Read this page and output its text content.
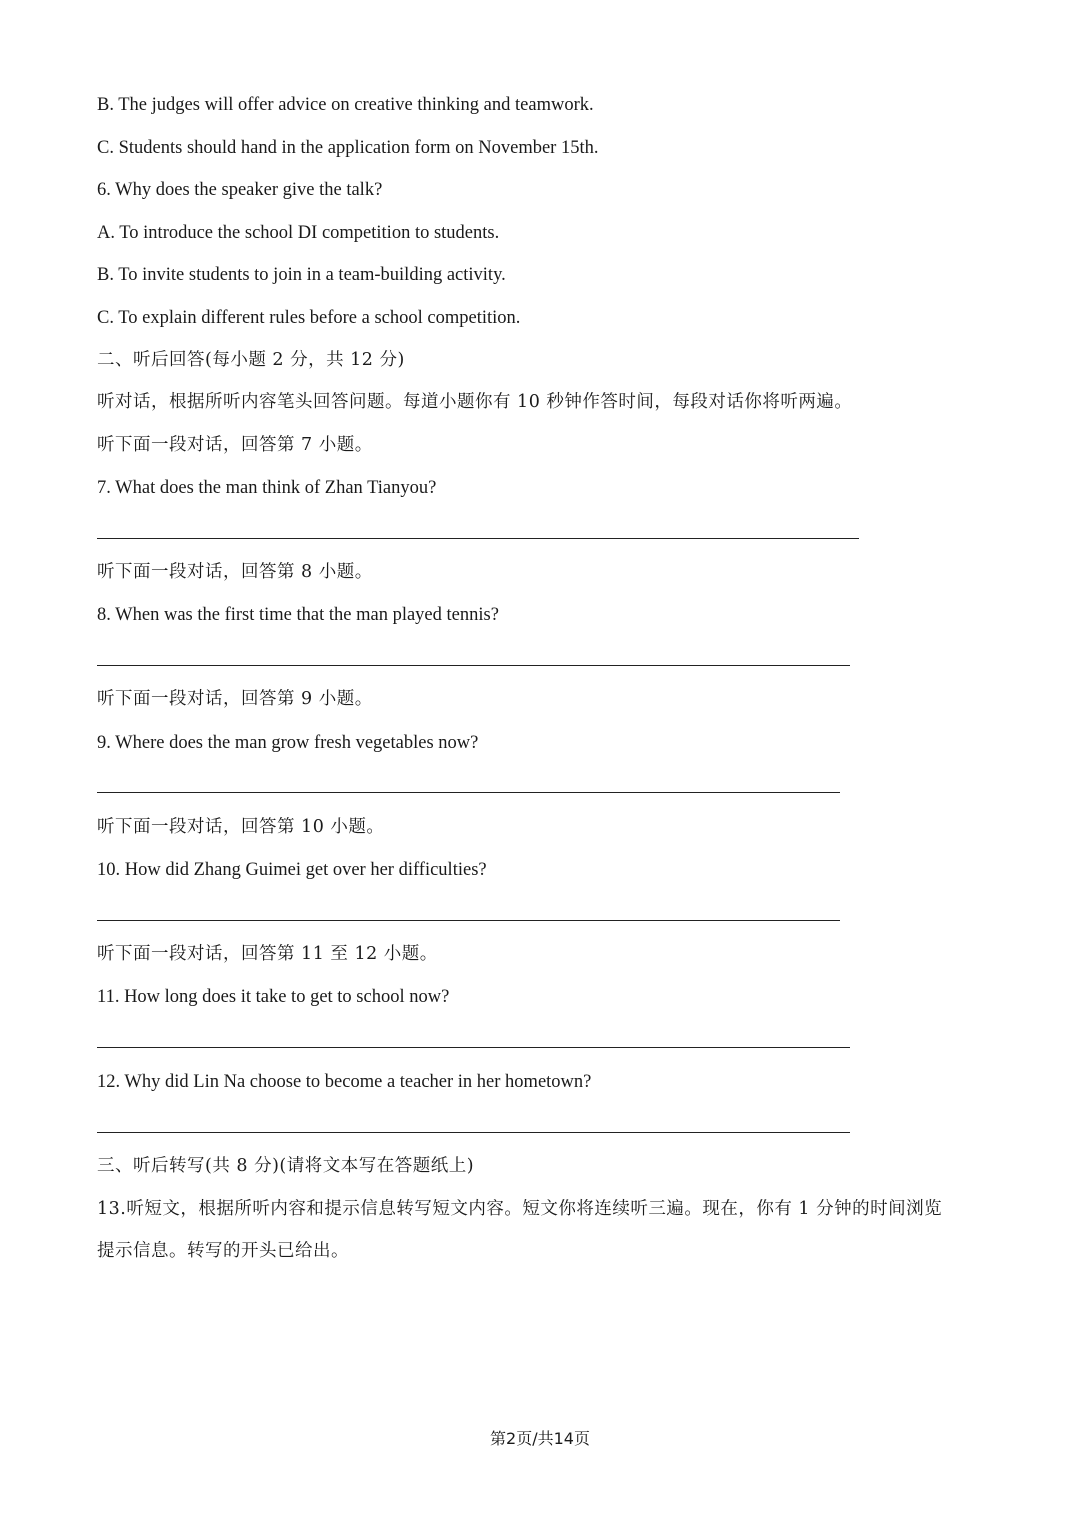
B. The judges will offer advice on creative thinking and teamwork.
C. Students should hand in the application form on November 15th.
6. Why does the speaker give the talk?
A. To introduce the school DI competition to students.
B. To invite students to join in a team-building activity.
C. To explain different rules before a school competition.
二、听后回答(每小题 2 分，共 12 分)
听对话，根据所听内容笔头回答问题。每道小题你有 10 秒钟作答时间，每段对话你将听两遍。
听下面一段对话，回答第 7 小题。
7. What does the man think of Zhan Tianyou?
听下面一段对话，回答第 8 小题。
8. When was the first time that the man played tennis?
听下面一段对话，回答第 9 小题。
9. Where does the man grow fresh vegetables now?
听下面一段对话，回答第 10 小题。
10. How did Zhang Guimei get over her difficulties?
听下面一段对话，回答第 11 至 12 小题。
11. How long does it take to get to school now?
12. Why did Lin Na choose to become a teacher in her hometown?
三、听后转写(共 8 分)(请将文本写在答题纸上)
13.听短文，根据所听内容和提示信息转写短文内容。短文你将连续听三遍。现在，你有 1 分钟的时间浏览
提示信息。转写的开头已给出。
第2页/共14页
